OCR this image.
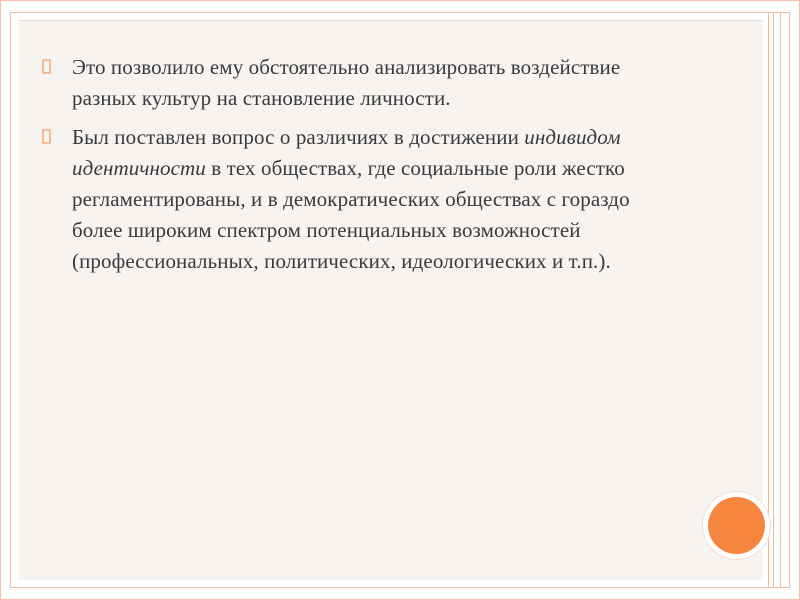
Это позволило ему обстоятельно анализировать воздействие разных культур на становление личности.
Был поставлен вопрос о различиях в достижении индивидом идентичности в тех обществах, где социальные роли жестко регламентированы, и в демократических обществах с гораздо более широким спектром потенциальных возможностей (профессиональных, политических, идеологических и т.п.).
